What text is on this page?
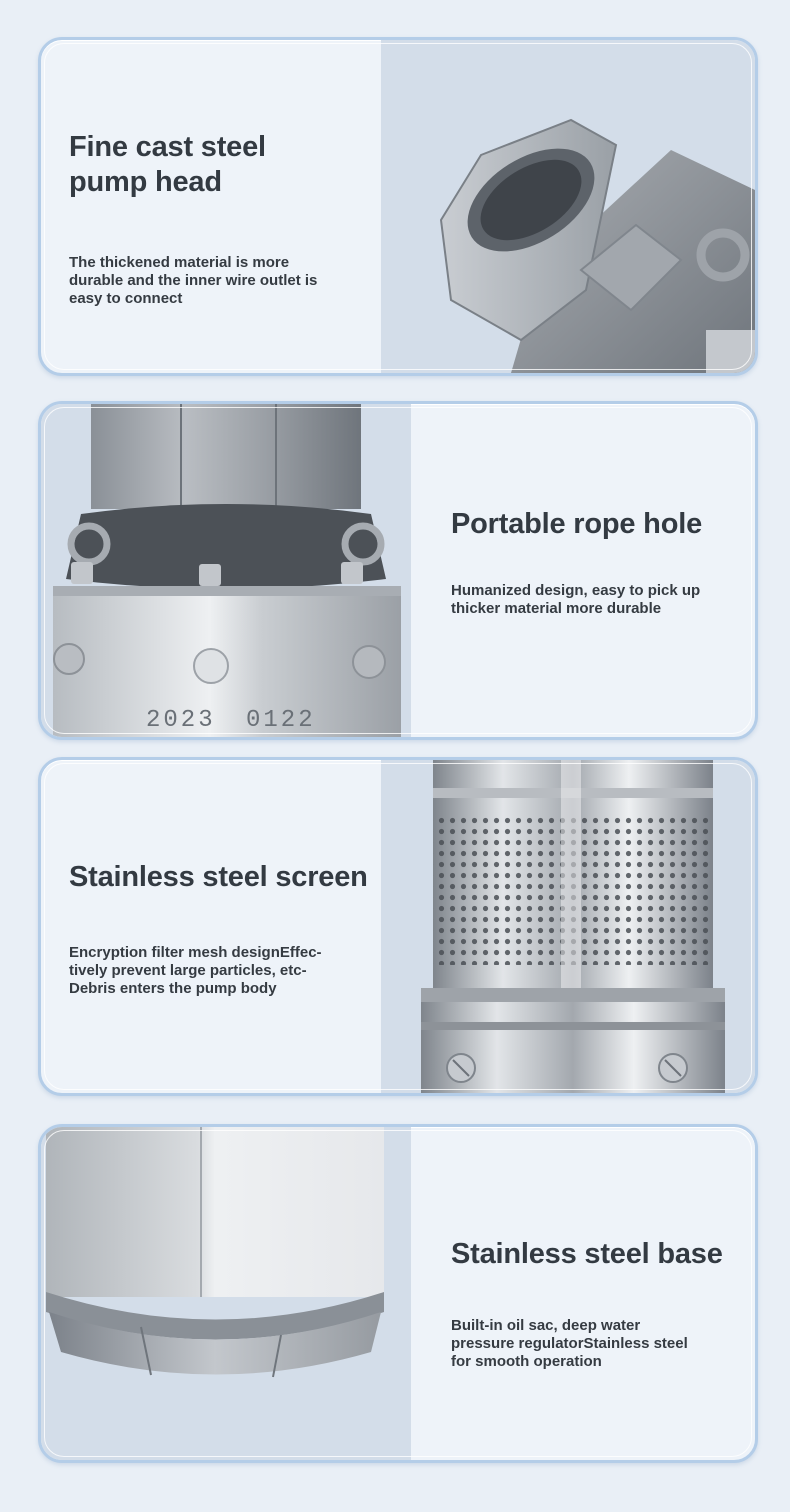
Fine cast steel
pump head

The thickened material is more
durable and the inner wire outlet is
easy to connect

2023 0122
Portable rope hole

Humanized design, easy to pick up
thicker material more durable

Stainless steel screen

Encryption filter mesh designEffec-
tively prevent large particles, etc-
Debris enters the pump body

Stainless steel base

Built-in oil sac, deep water
pressure regulatorStainless steel
for smooth operation
